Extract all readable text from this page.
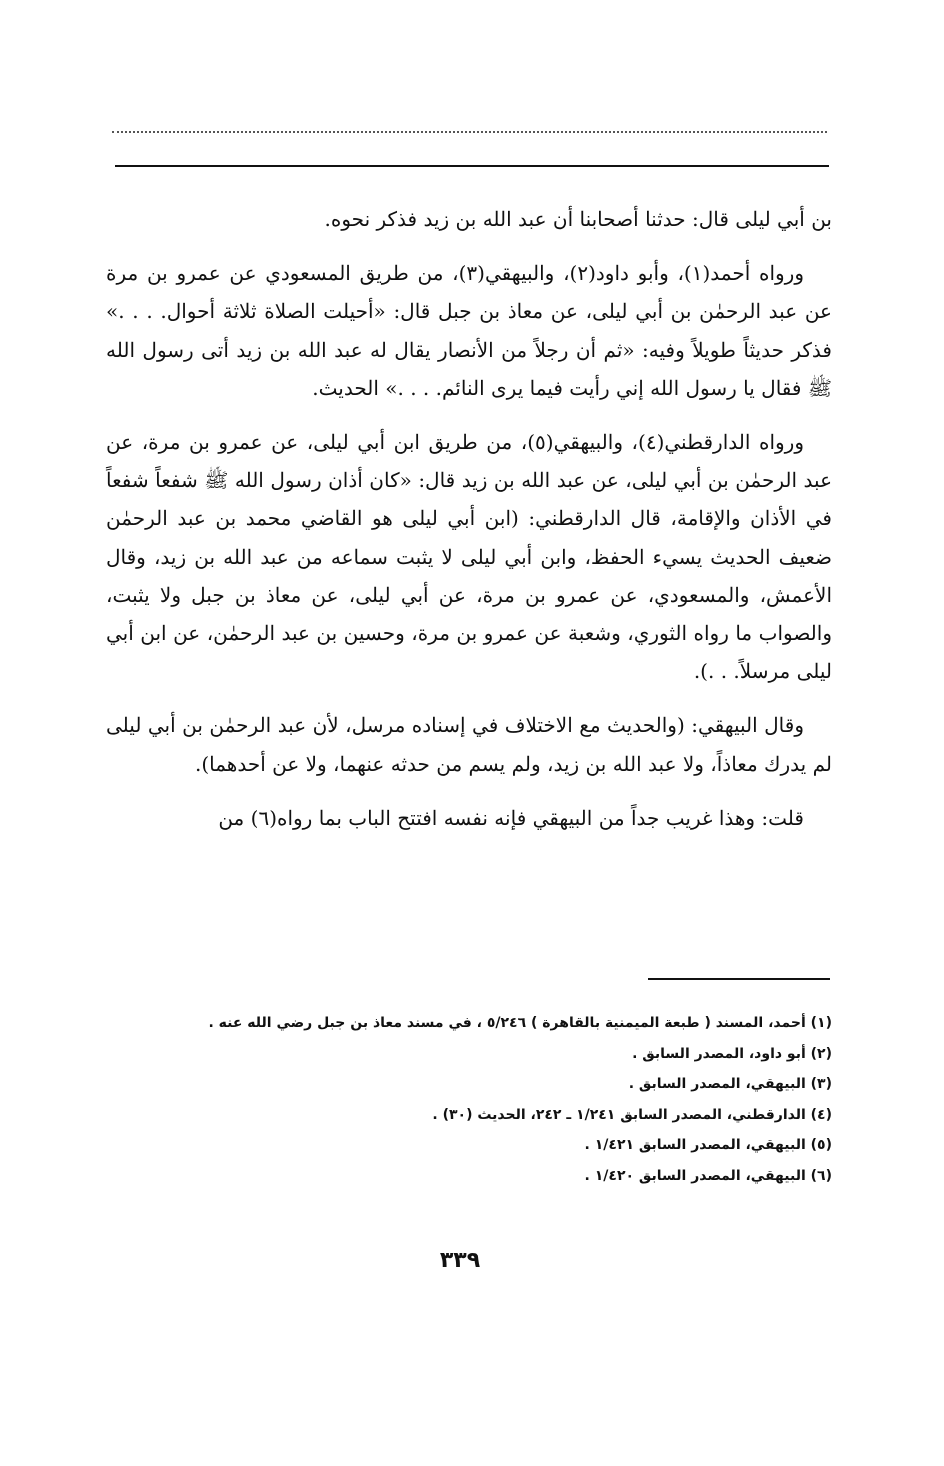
بن أبي ليلى قال: حدثنا أصحابنا أن عبد الله بن زيد فذكر نحوه.

ورواه أحمد(١)، وأبو داود(٢)، والبيهقي(٣)، من طريق المسعودي عن عمرو بن مرة عن عبد الرحمٰن بن أبي ليلى، عن معاذ بن جبل قال: «أحيلت الصلاة ثلاثة أحوال. . . .» فذكر حديثاً طويلاً وفيه: «ثم أن رجلاً من الأنصار يقال له عبد الله بن زيد أتى رسول الله ﷺ فقال يا رسول الله إني رأيت فيما يرى النائم. . . .» الحديث.

ورواه الدارقطني(٤)، والبيهقي(٥)، من طريق ابن أبي ليلى، عن عمرو بن مرة، عن عبد الرحمٰن بن أبي ليلى، عن عبد الله بن زيد قال: «كان أذان رسول الله ﷺ شفعاً شفعاً في الأذان والإقامة، قال الدارقطني: (ابن أبي ليلى هو القاضي محمد بن عبد الرحمٰن ضعيف الحديث يسيء الحفظ، وابن أبي ليلى لا يثبت سماعه من عبد الله بن زيد، وقال الأعمش، والمسعودي، عن عمرو بن مرة، عن أبي ليلى، عن معاذ بن جبل ولا يثبت، والصواب ما رواه الثوري، وشعبة عن عمرو بن مرة، وحسين بن عبد الرحمٰن، عن ابن أبي ليلى مرسلاً. . .).

وقال البيهقي: (والحديث مع الاختلاف في إسناده مرسل، لأن عبد الرحمٰن بن أبي ليلى لم يدرك معاذاً، ولا عبد الله بن زيد، ولم يسم من حدثه عنهما، ولا عن أحدهما).

قلت: وهذا غريب جداً من البيهقي فإنه نفسه افتتح الباب بما رواه(٦) من

(١) أحمد، المسند ( طبعة الميمنية بالقاهرة ) ٥/٢٤٦ ، في مسند معاذ بن جبل رضي الله عنه .

(٢) أبو داود، المصدر السابق .

(٣) البيهقي، المصدر السابق .

(٤) الدارقطني، المصدر السابق ١/٢٤١ ـ ٢٤٢، الحديث (٣٠) .

(٥) البيهقي، المصدر السابق ١/٤٢١ .

(٦) البيهقي، المصدر السابق ١/٤٢٠ .

٣٣٩
